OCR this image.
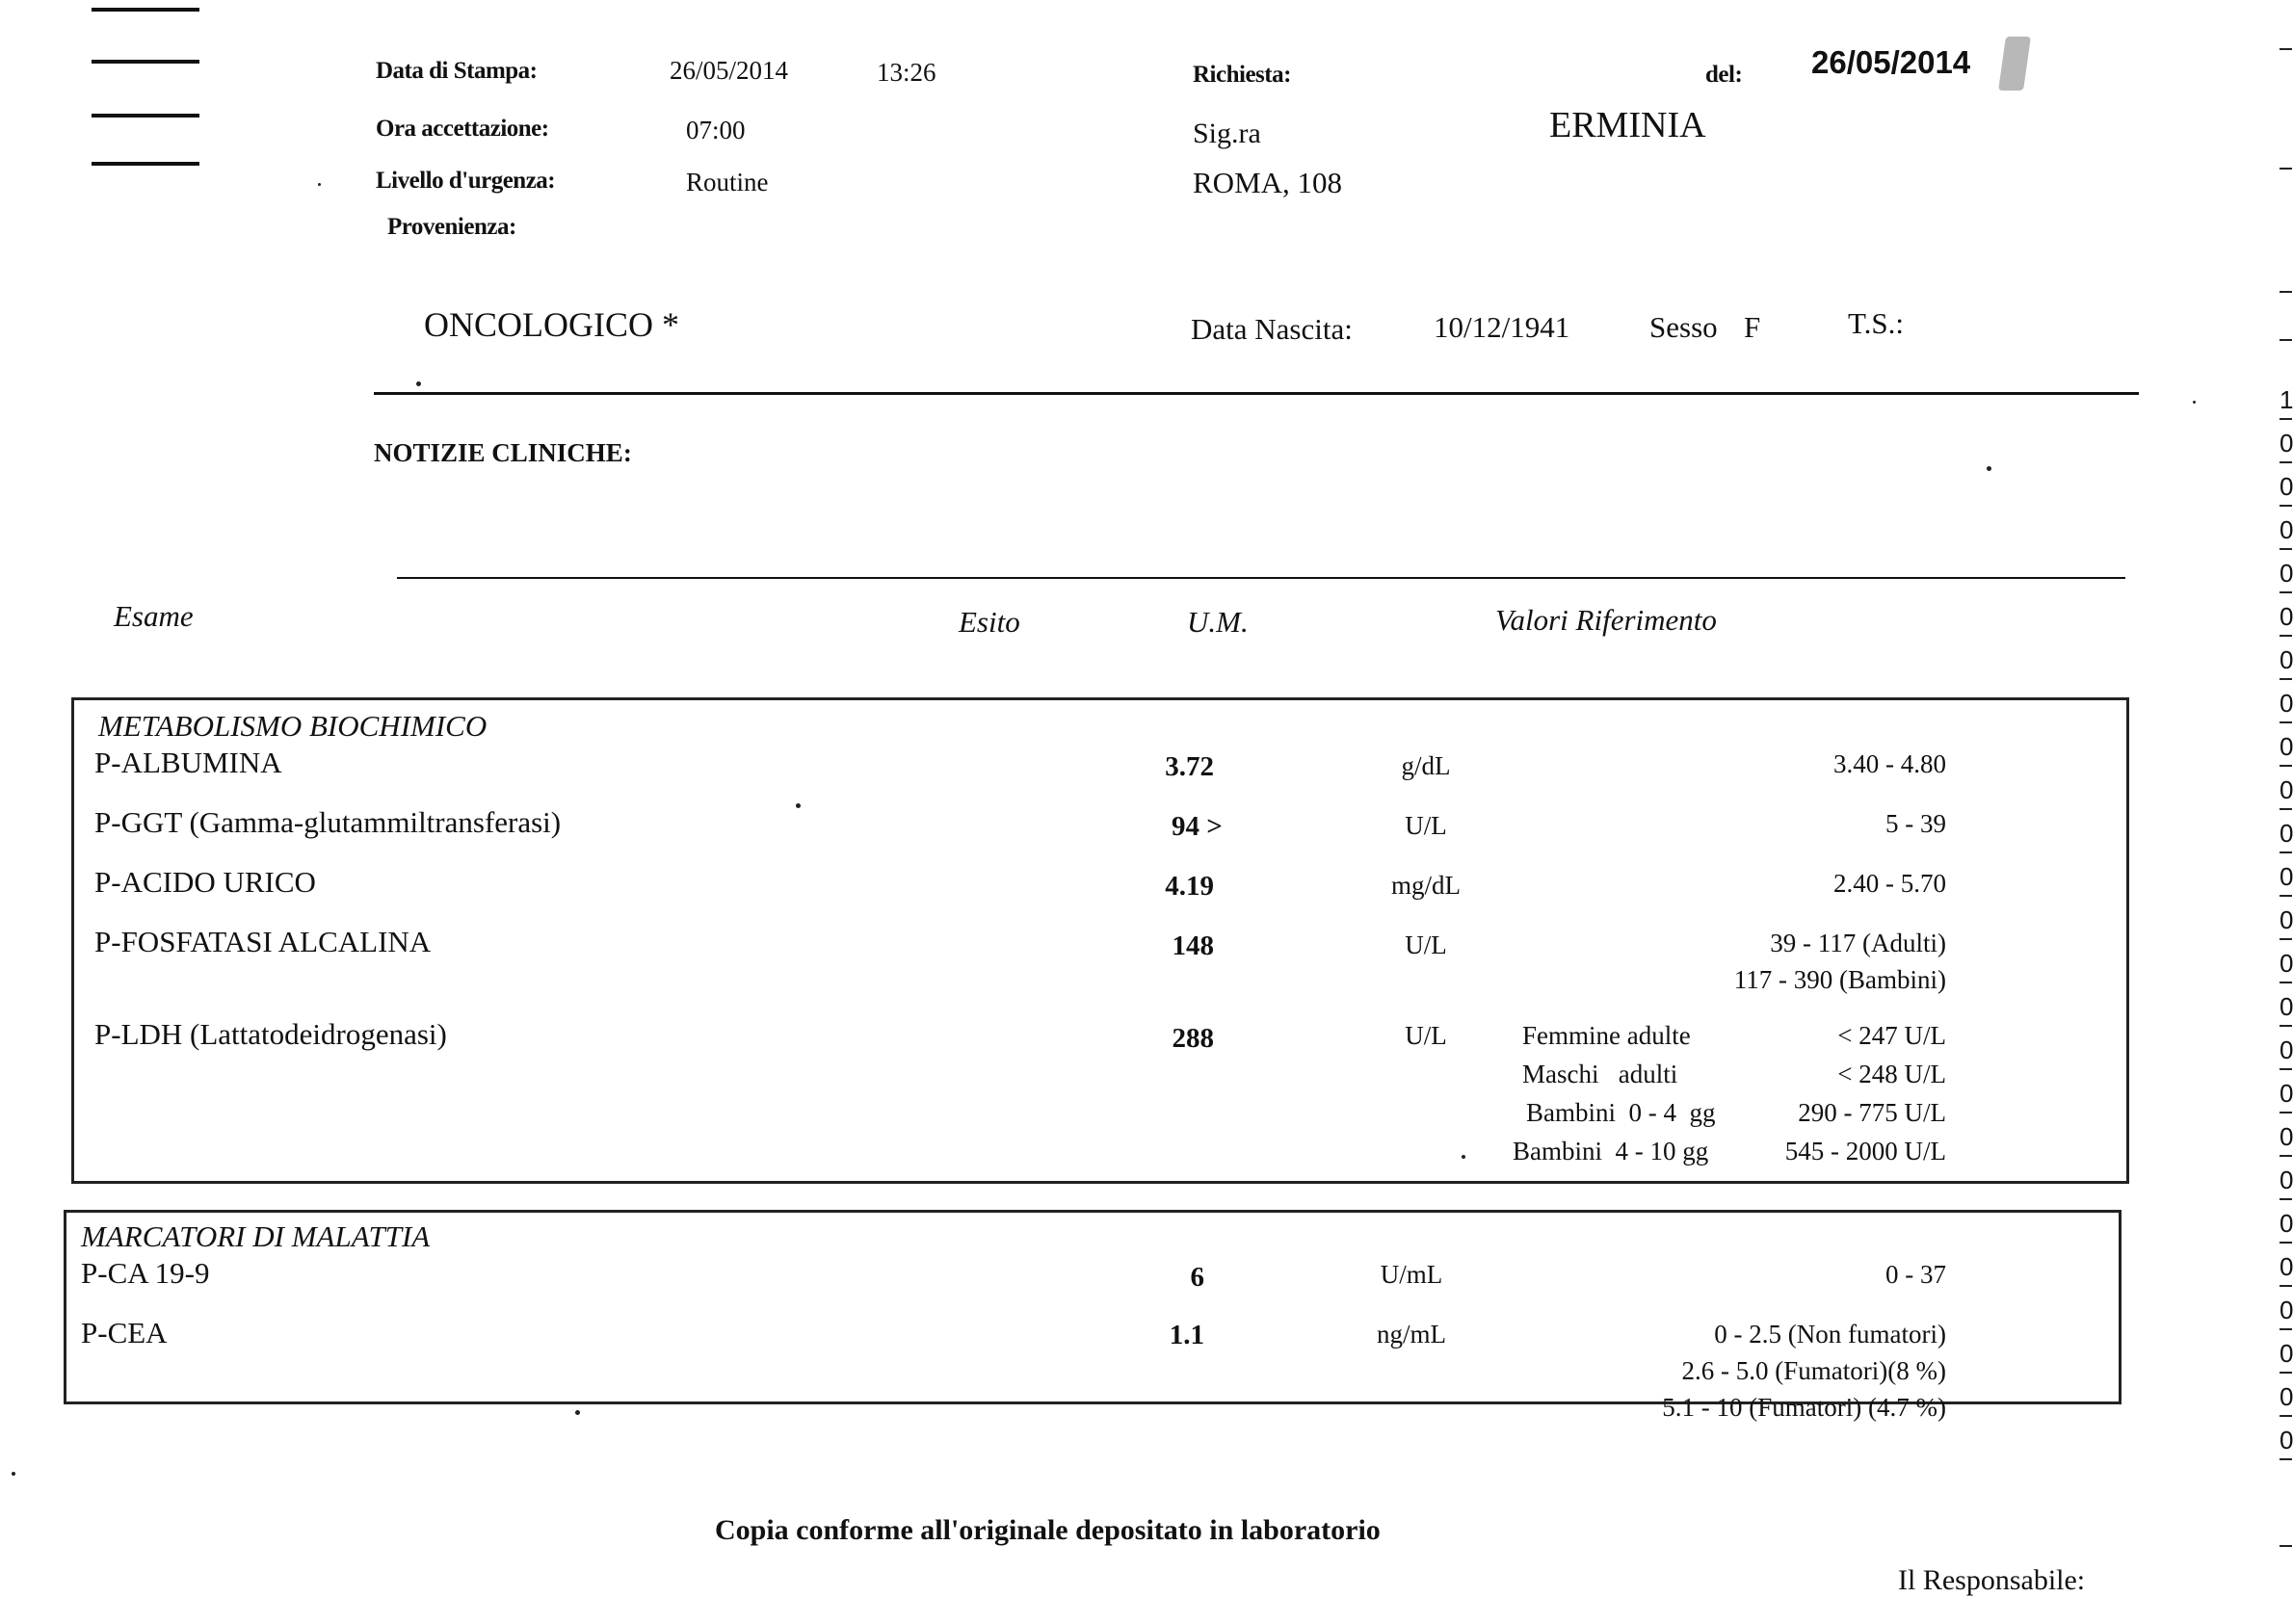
Data di Stampa:	26/05/2014	13:26
Ora accettazione:	07:00
Livello d'urgenza:	Routine
Provenienza:
Richiesta:	del: 26/05/2014
Sig.ra	ERMINIA
ROMA, 108
ONCOLOGICO *	Data Nascita:	10/12/1941	Sesso F	T.S.:
NOTIZIE CLINICHE:
Esame	Esito	U.M.	Valori Riferimento
METABOLISMO BIOCHIMICO
P-ALBUMINA	3.72	g/dL	3.40 - 4.80
P-GGT (Gamma-glutammiltransferasi)	94 >	U/L	5 - 39
P-ACIDO URICO	4.19	mg/dL	2.40 - 5.70
P-FOSFATASI ALCALINA	148	U/L	39 - 117 (Adulti)
117 - 390 (Bambini)
P-LDH (Lattatodeidrogenasi)	288	U/L	Femmine adulte	< 247 U/L
Maschi   adulti	< 248 U/L
Bambini  0 - 4  gg	290 - 775 U/L
Bambini  4 - 10 gg	545 - 2000 U/L
MARCATORI DI MALATTIA
P-CA 19-9	6	U/mL	0 - 37
P-CEA	1.1	ng/mL	0 - 2.5 (Non fumatori)
2.6 - 5.0 (Fumatori)(8 %)
5.1 - 10 (Fumatori) (4.7 %)
Copia conforme all'originale depositato in laboratorio
Il Responsabile:
1
0
0
0
0
0
0
0
0
0
0
0
0
0
0
0
0
0
0
0
0
0
0
0
0
